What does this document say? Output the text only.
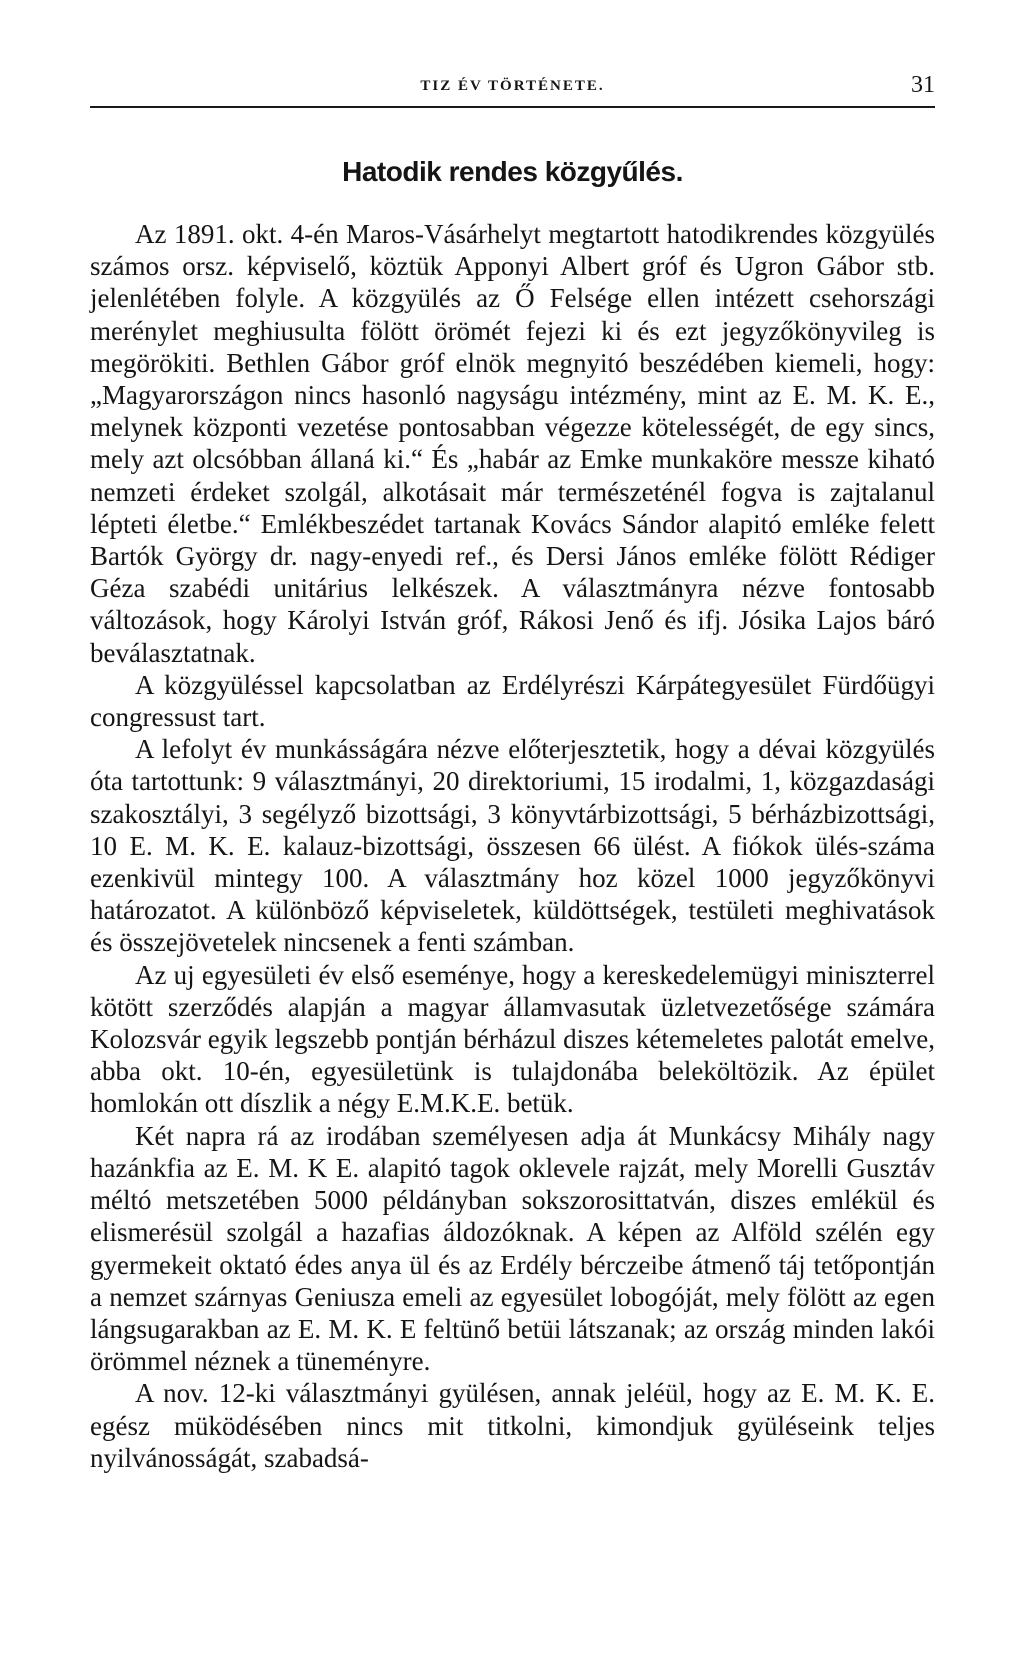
TIZ ÉV TÖRTÉNETE.	31
Hatodik rendes közgyűlés.

Az 1891. okt. 4-én Maros-Vásárhelyt megtartott hatodikrendes közgyülés számos orsz. képviselő, köztük Apponyi Albert gróf és Ugron Gábor stb. jelenlétében folyle. A közgyülés az Ő Felsége ellen intézett csehországi merénylet meghiusulta fölött örömét fejezi ki és ezt jegyzőkönyvileg is megörökiti. Bethlen Gábor gróf elnök megnyitó beszédében kiemeli, hogy: „Magyarországon nincs hasonló nagyságu intézmény, mint az E. M. K. E., melynek központi vezetése pontosabban végezze kötelességét, de egy sincs, mely azt olcsóbban állaná ki.“ És „habár az Emke munkaköre messze kiható nemzeti érdeket szolgál, alkotásait már természeténél fogva is zajtalanul lépteti életbe.“ Emlékbeszédet tartanak Kovács Sándor alapitó emléke felett Bartók György dr. nagy-enyedi ref., és Dersi János emléke fölött Rédiger Géza szabédi unitárius lelkészek. A választmányra nézve fontosabb változások, hogy Károlyi István gróf, Rákosi Jenő és ifj. Jósika Lajos báró beválasztatnak.

A közgyüléssel kapcsolatban az Erdélyrészi Kárpátegyesület Fürdőügyi congressust tart.

A lefolyt év munkásságára nézve előterjesztetik, hogy a dévai közgyülés óta tartottunk: 9 választmányi, 20 direktoriumi, 15 irodalmi, 1, közgazdasági szakosztályi, 3 segélyző bizottsági, 3 könyvtárbizottsági, 5 bérházbizottsági, 10 E. M. K. E. kalauz-bizottsági, összesen 66 ülést. A fiókok ülés-száma ezenkivül mintegy 100. A választmány hoz közel 1000 jegyzőkönyvi határozatot. A különböző képviseletek, küldöttségek, testületi meghivatások és összejövetelek nincsenek a fenti számban.

Az uj egyesületi év első eseménye, hogy a kereskedelemügyi miniszterrel kötött szerződés alapján a magyar államvasutak üzletvezetősége számára Kolozsvár egyik legszebb pontján bérházul diszes kétemeletes palotát emelve, abba okt. 10-én, egyesületünk is tulajdonába beleköltözik. Az épület homlokán ott díszlik a négy E.M.K.E. betük.

Két napra rá az irodában személyesen adja át Munkácsy Mihály nagy hazánkfia az E. M. K E. alapitó tagok oklevele rajzát, mely Morelli Gusztáv méltó metszetében 5000 példányban sokszorosittatván, diszes emlékül és elismerésül szolgál a hazafias áldozóknak. A képen az Alföld szélén egy gyermekeit oktató édes anya ül és az Erdély bérczeibe átmenő táj tetőpontján a nemzet szárnyas Geniusza emeli az egyesület lobogóját, mely fölött az egen lángsugarakban az E. M. K. E feltünő betüi látszanak; az ország minden lakói örömmel néznek a tüneményre.

A nov. 12-ki választmányi gyülésen, annak jeléül, hogy az E. M. K. E. egész müködésében nincs mit titkolni, kimondjuk gyüléseink teljes nyilvánosságát, szabadsá-
